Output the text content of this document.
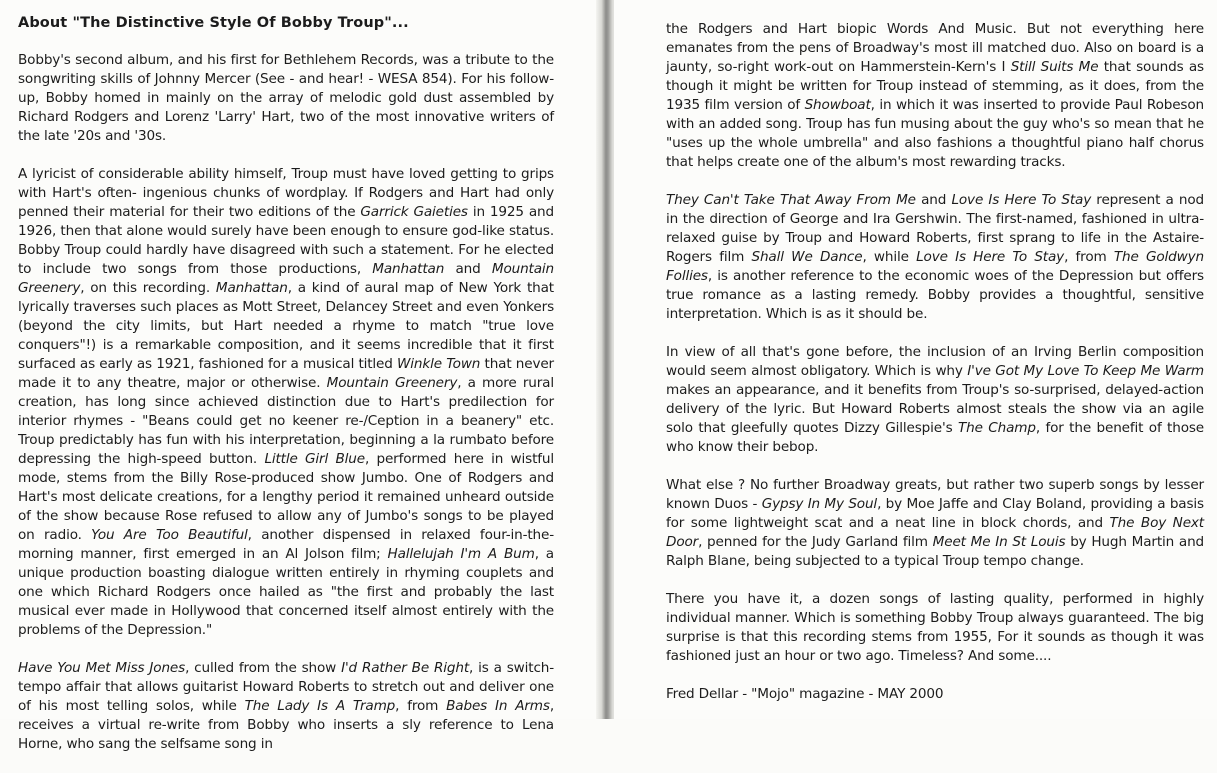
About "The Distinctive Style Of Bobby Troup"...

Bobby's second album, and his first for Bethlehem Records, was a tribute to the songwriting skills of Johnny Mercer (See - and hear! - WESA 854). For his follow-up, Bobby homed in mainly on the array of melodic gold dust assembled by Richard Rodgers and Lorenz 'Larry' Hart, two of the most innovative writers of the late '20s and '30s.

A lyricist of considerable ability himself, Troup must have loved getting to grips with Hart's often- ingenious chunks of wordplay. If Rodgers and Hart had only penned their material for their two editions of the Garrick Gaieties in 1925 and 1926, then that alone would surely have been enough to ensure god-like status. Bobby Troup could hardly have disagreed with such a statement. For he elected to include two songs from those productions, Manhattan and Mountain Greenery, on this recording. Manhattan, a kind of aural map of New York that lyrically traverses such places as Mott Street, Delancey Street and even Yonkers (beyond the city limits, but Hart needed a rhyme to match "true love conquers"!) is a remarkable composition, and it seems incredible that it first surfaced as early as 1921, fashioned for a musical titled Winkle Town that never made it to any theatre, major or otherwise. Mountain Greenery, a more rural creation, has long since achieved distinction due to Hart's predilection for interior rhymes - "Beans could get no keener re-/Ception in a beanery" etc. Troup predictably has fun with his interpretation, beginning a la rumbato before depressing the high-speed button. Little Girl Blue, performed here in wistful mode, stems from the Billy Rose-produced show Jumbo. One of Rodgers and Hart's most delicate creations, for a lengthy period it remained unheard outside of the show because Rose refused to allow any of Jumbo's songs to be played on radio. You Are Too Beautiful, another dispensed in relaxed four-in-the-morning manner, first emerged in an Al Jolson film; Hallelujah I'm A Bum, a unique production boasting dialogue written entirely in rhyming couplets and one which Richard Rodgers once hailed as "the first and probably the last musical ever made in Hollywood that concerned itself almost entirely with the problems of the Depression."

Have You Met Miss Jones, culled from the show I'd Rather Be Right, is a switch-tempo affair that allows guitarist Howard Roberts to stretch out and deliver one of his most telling solos, while The Lady Is A Tramp, from Babes In Arms, receives a virtual re-write from Bobby who inserts a sly reference to Lena Horne, who sang the selfsame song in

the Rodgers and Hart biopic Words And Music. But not everything here emanates from the pens of Broadway's most ill matched duo. Also on board is a jaunty, so-right work-out on Hammerstein-Kern's I Still Suits Me that sounds as though it might be written for Troup instead of stemming, as it does, from the 1935 film version of Showboat, in which it was inserted to provide Paul Robeson with an added song. Troup has fun musing about the guy who's so mean that he "uses up the whole umbrella" and also fashions a thoughtful piano half chorus that helps create one of the album's most rewarding tracks.

They Can't Take That Away From Me and Love Is Here To Stay represent a nod in the direction of George and Ira Gershwin. The first-named, fashioned in ultra-relaxed guise by Troup and Howard Roberts, first sprang to life in the Astaire-Rogers film Shall We Dance, while Love Is Here To Stay, from The Goldwyn Follies, is another reference to the economic woes of the Depression but offers true romance as a lasting remedy. Bobby provides a thoughtful, sensitive interpretation. Which is as it should be.

In view of all that's gone before, the inclusion of an Irving Berlin composition would seem almost obligatory. Which is why I've Got My Love To Keep Me Warm makes an appearance, and it benefits from Troup's so-surprised, delayed-action delivery of the lyric. But Howard Roberts almost steals the show via an agile solo that gleefully quotes Dizzy Gillespie's The Champ, for the benefit of those who know their bebop.

What else ? No further Broadway greats, but rather two superb songs by lesser known Duos - Gypsy In My Soul, by Moe Jaffe and Clay Boland, providing a basis for some lightweight scat and a neat line in block chords, and The Boy Next Door, penned for the Judy Garland film Meet Me In St Louis by Hugh Martin and Ralph Blane, being subjected to a typical Troup tempo change.

There you have it, a dozen songs of lasting quality, performed in highly individual manner. Which is something Bobby Troup always guaranteed. The big surprise is that this recording stems from 1955, For it sounds as though it was fashioned just an hour or two ago. Timeless? And some....

Fred Dellar - "Mojo" magazine - MAY 2000
